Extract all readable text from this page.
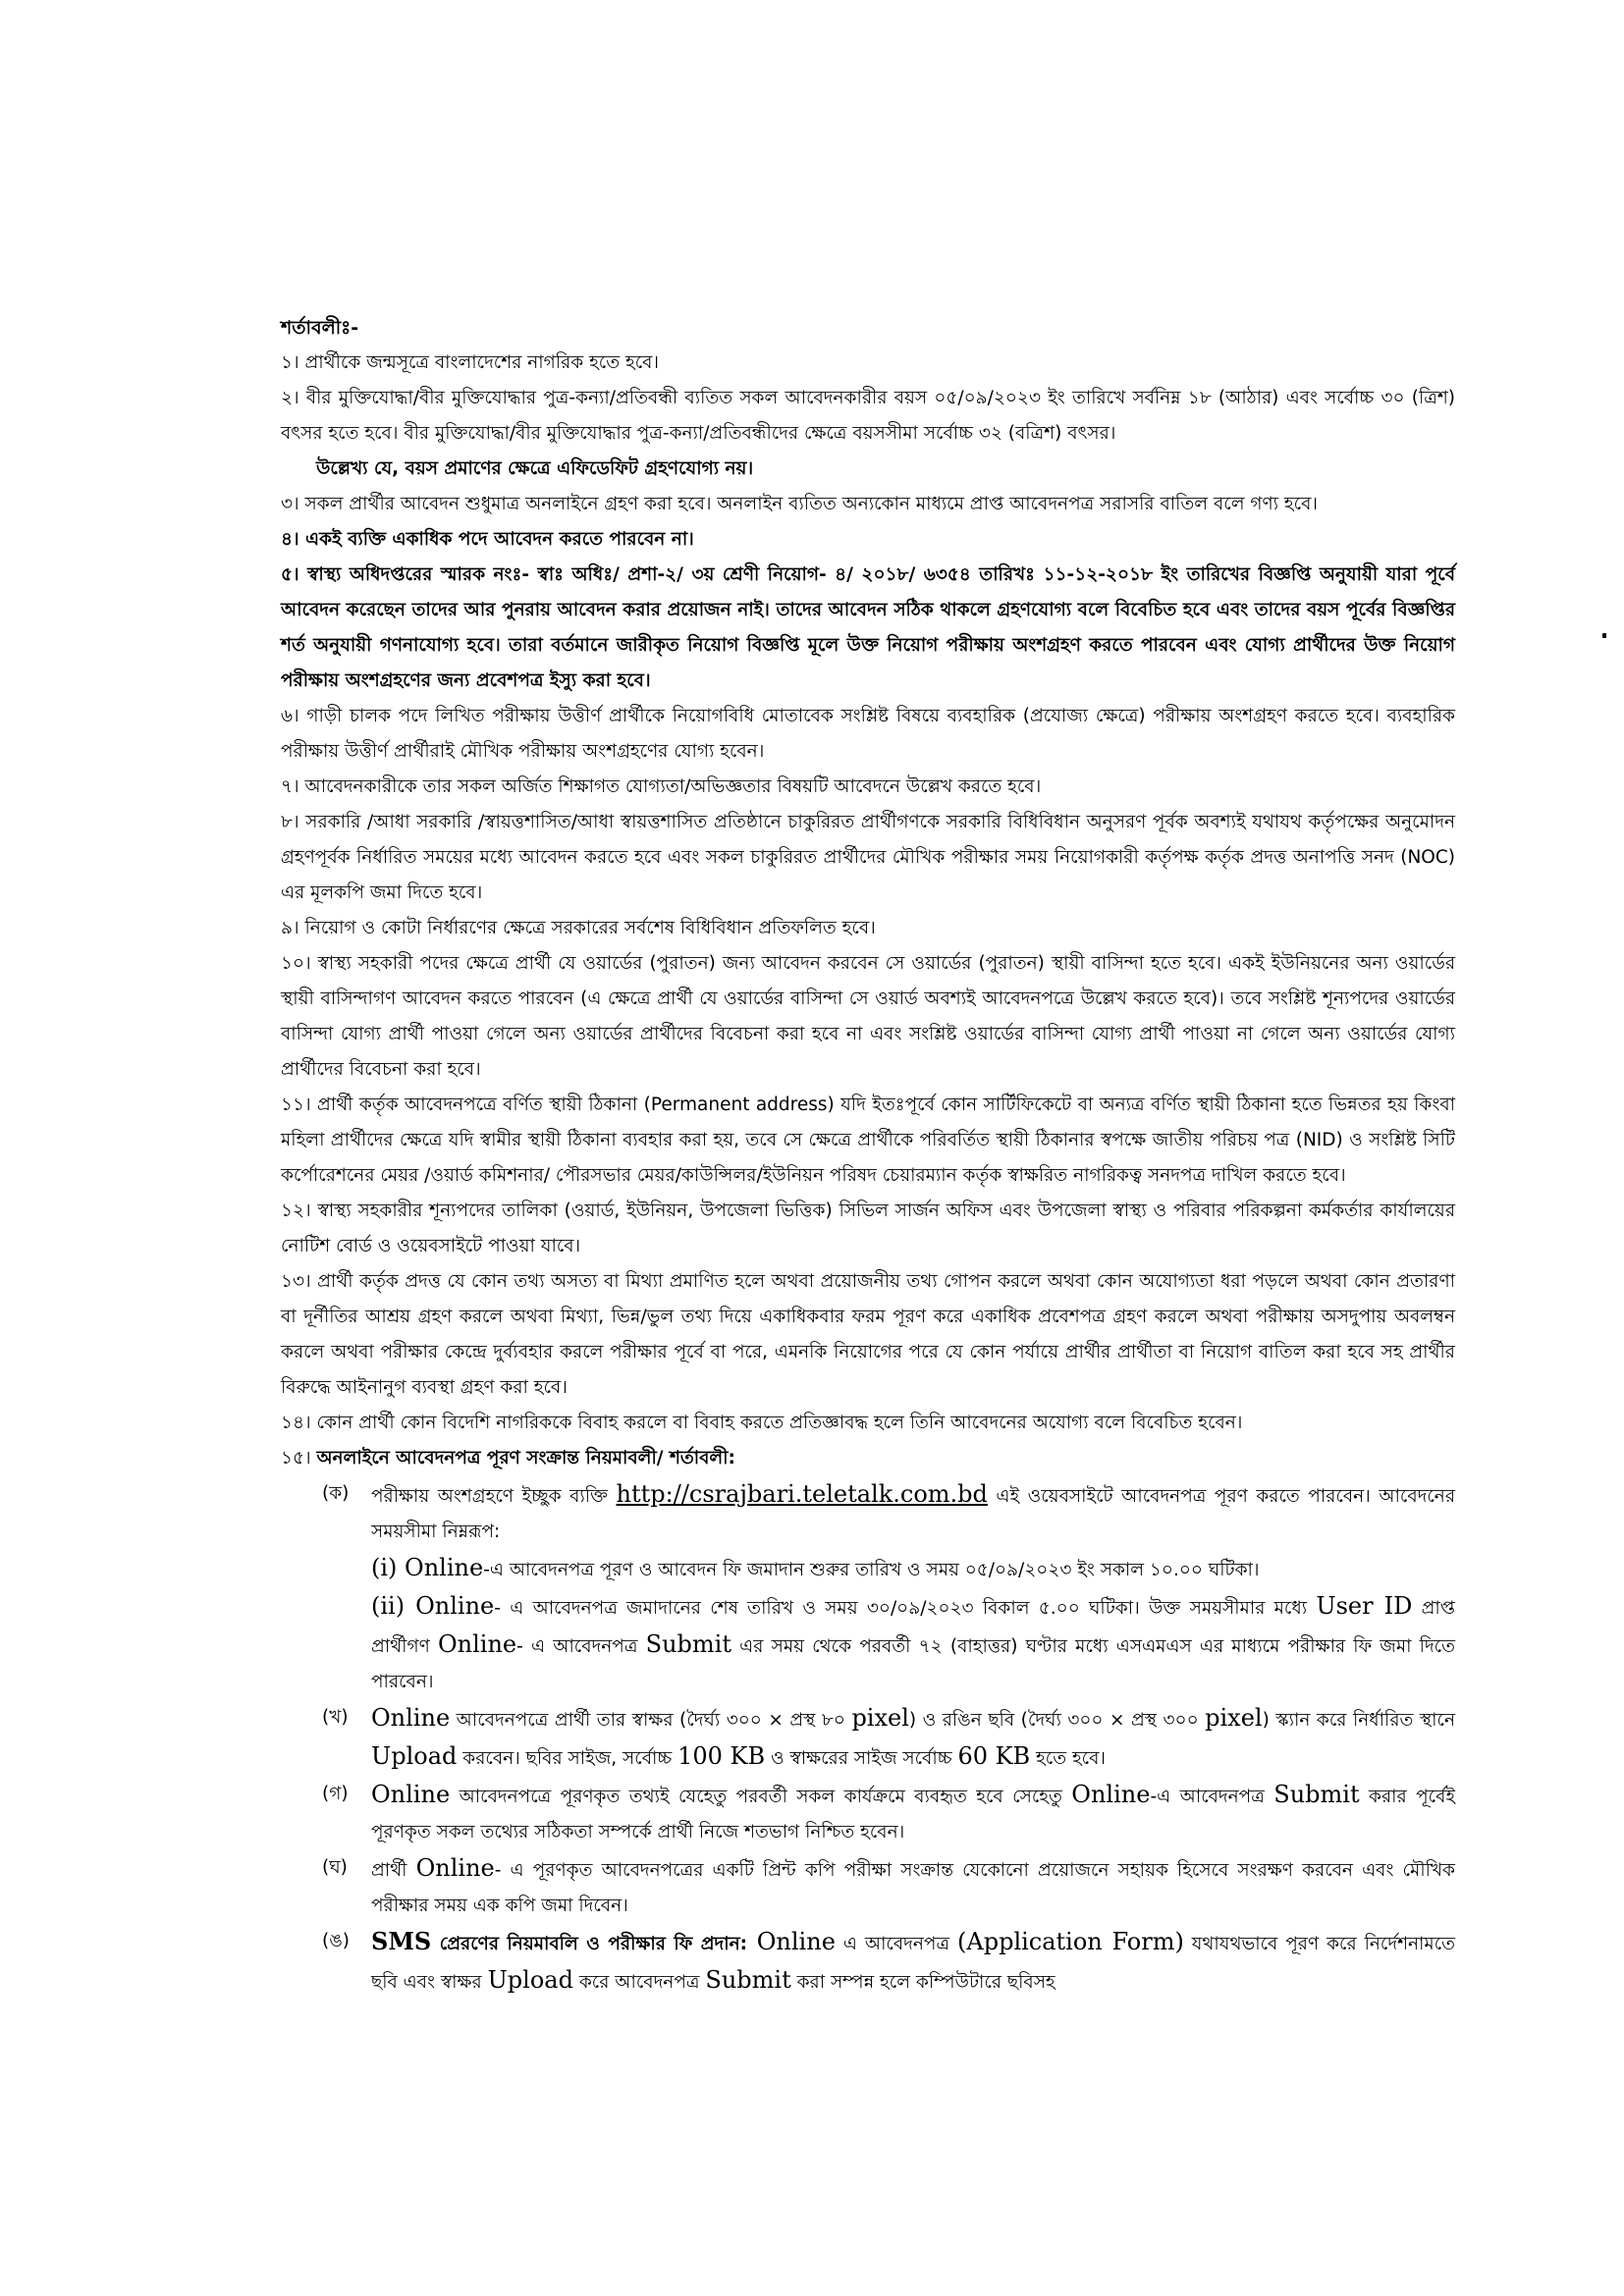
শর্তাবলীঃ-

১। প্রার্থীকে জন্মসূত্রে বাংলাদেশের নাগরিক হতে হবে।

২। বীর মুক্তিযোদ্ধা/বীর মুক্তিযোদ্ধার পুত্র-কন্যা/প্রতিবন্ধী ব্যতিত সকল আবেদনকারীর বয়স ০৫/০৯/২০২৩ ইং তারিখে সর্বনিম্ন ১৮ (আঠার) এবং সর্বোচ্চ ৩০ (ত্রিশ) বৎসর হতে হবে। বীর মুক্তিযোদ্ধা/বীর মুক্তিযোদ্ধার পুত্র-কন্যা/প্রতিবন্ধীদের ক্ষেত্রে বয়সসীমা সর্বোচ্চ ৩২ (বত্রিশ) বৎসর।

উল্লেখ্য যে, বয়স প্রমাণের ক্ষেত্রে এফিডেফিট গ্রহণযোগ্য নয়।

৩। সকল প্রার্থীর আবেদন শুধুমাত্র অনলাইনে গ্রহণ করা হবে। অনলাইন ব্যতিত অন্যকোন মাধ্যমে প্রাপ্ত আবেদনপত্র সরাসরি বাতিল বলে গণ্য হবে।

৪। একই ব্যক্তি একাধিক পদে আবেদন করতে পারবেন না।

৫। স্বাস্থ্য অধিদপ্তরের স্মারক নংঃ- স্বাঃ অধিঃ/ প্রশা-২/ ৩য় শ্রেণী নিয়োগ- ৪/ ২০১৮/ ৬৩৫৪ তারিখঃ ১১-১২-২০১৮ ইং তারিখের বিজ্ঞপ্তি অনুযায়ী যারা পূর্বে আবেদন করেছেন তাদের আর পুনরায় আবেদন করার প্রয়োজন নাই। তাদের আবেদন সঠিক থাকলে গ্রহণযোগ্য বলে বিবেচিত হবে এবং তাদের বয়স পূর্বের বিজ্ঞপ্তির শর্ত অনুযায়ী গণনাযোগ্য হবে। তারা বর্তমানে জারীকৃত নিয়োগ বিজ্ঞপ্তি মূলে উক্ত নিয়োগ পরীক্ষায় অংশগ্রহণ করতে পারবেন এবং যোগ্য প্রার্থীদের উক্ত নিয়োগ পরীক্ষায় অংশগ্রহণের জন্য প্রবেশপত্র ইস্যু করা হবে।

৬। গাড়ী চালক পদে লিখিত পরীক্ষায় উত্তীর্ণ প্রার্থীকে নিয়োগবিধি মোতাবেক সংশ্লিষ্ট বিষয়ে ব্যবহারিক (প্রযোজ্য ক্ষেত্রে) পরীক্ষায় অংশগ্রহণ করতে হবে। ব্যবহারিক পরীক্ষায় উত্তীর্ণ প্রার্থীরাই মৌখিক পরীক্ষায় অংশগ্রহণের যোগ্য হবেন।

৭। আবেদনকারীকে তার সকল অর্জিত শিক্ষাগত যোগ্যতা/অভিজ্ঞতার বিষয়টি আবেদনে উল্লেখ করতে হবে।

৮। সরকারি /আধা সরকারি /স্বায়ত্তশাসিত/আধা স্বায়ত্তশাসিত প্রতিষ্ঠানে চাকুরিরত প্রার্থীগণকে সরকারি বিধিবিধান অনুসরণ পূর্বক অবশ্যই যথাযথ কর্তৃপক্ষের অনুমোদন গ্রহণপূর্বক নির্ধারিত সময়ের মধ্যে আবেদন করতে হবে এবং সকল চাকুরিরত প্রার্থীদের মৌখিক পরীক্ষার সময় নিয়োগকারী কর্তৃপক্ষ কর্তৃক প্রদত্ত অনাপত্তি সনদ (NOC) এর মূলকপি জমা দিতে হবে।

৯। নিয়োগ ও কোটা নির্ধারণের ক্ষেত্রে সরকারের সর্বশেষ বিধিবিধান প্রতিফলিত হবে।

১০। স্বাস্থ্য সহকারী পদের ক্ষেত্রে প্রার্থী যে ওয়ার্ডের (পুরাতন) জন্য আবেদন করবেন সে ওয়ার্ডের (পুরাতন) স্থায়ী বাসিন্দা হতে হবে। একই ইউনিয়নের অন্য ওয়ার্ডের স্থায়ী বাসিন্দাগণ আবেদন করতে পারবেন (এ ক্ষেত্রে প্রার্থী যে ওয়ার্ডের বাসিন্দা সে ওয়ার্ড অবশ্যই আবেদনপত্রে উল্লেখ করতে হবে)। তবে সংশ্লিষ্ট শূন্যপদের ওয়ার্ডের বাসিন্দা যোগ্য প্রার্থী পাওয়া গেলে অন্য ওয়ার্ডের প্রার্থীদের বিবেচনা করা হবে না এবং সংশ্লিষ্ট ওয়ার্ডের বাসিন্দা যোগ্য প্রার্থী পাওয়া না গেলে অন্য ওয়ার্ডের যোগ্য প্রার্থীদের বিবেচনা করা হবে।

১১। প্রার্থী কর্তৃক আবেদনপত্রে বর্ণিত স্থায়ী ঠিকানা (Permanent address) যদি ইতঃপূর্বে কোন সার্টিফিকেটে বা অন্যত্র বর্ণিত স্থায়ী ঠিকানা হতে ভিন্নতর হয় কিংবা মহিলা প্রার্থীদের ক্ষেত্রে যদি স্বামীর স্থায়ী ঠিকানা ব্যবহার করা হয়, তবে সে ক্ষেত্রে প্রার্থীকে পরিবর্তিত স্থায়ী ঠিকানার স্বপক্ষে জাতীয় পরিচয় পত্র (NID) ও সংশ্লিষ্ট সিটি কর্পোরেশনের মেয়র /ওয়ার্ড কমিশনার/ পৌরসভার মেয়র/কাউন্সিলর/ইউনিয়ন পরিষদ চেয়ারম্যান কর্তৃক স্বাক্ষরিত নাগরিকত্ব সনদপত্র দাখিল করতে হবে।

১২। স্বাস্থ্য সহকারীর শূন্যপদের তালিকা (ওয়ার্ড, ইউনিয়ন, উপজেলা ভিত্তিক) সিভিল সার্জন অফিস এবং উপজেলা স্বাস্থ্য ও পরিবার পরিকল্পনা কর্মকর্তার কার্যালয়ের নোটিশ বোর্ড ও ওয়েবসাইটে পাওয়া যাবে।

১৩। প্রার্থী কর্তৃক প্রদত্ত যে কোন তথ্য অসত্য বা মিথ্যা প্রমাণিত হলে অথবা প্রয়োজনীয় তথ্য গোপন করলে অথবা কোন অযোগ্যতা ধরা পড়লে অথবা কোন প্রতারণা বা দূর্নীতির আশ্রয় গ্রহণ করলে অথবা মিথ্যা, ভিন্ন/ভুল তথ্য দিয়ে একাধিকবার ফরম পূরণ করে একাধিক প্রবেশপত্র গ্রহণ করলে অথবা পরীক্ষায় অসদুপায় অবলম্বন করলে অথবা পরীক্ষার কেন্দ্রে দুর্ব্যবহার করলে পরীক্ষার পূর্বে বা পরে, এমনকি নিয়োগের পরে যে কোন পর্যায়ে প্রার্থীর প্রার্থীতা বা নিয়োগ বাতিল করা হবে সহ প্রার্থীর বিরুদ্ধে আইনানুগ ব্যবস্থা গ্রহণ করা হবে।

১৪। কোন প্রার্থী কোন বিদেশি নাগরিককে বিবাহ করলে বা বিবাহ করতে প্রতিজ্ঞাবদ্ধ হলে তিনি আবেদনের অযোগ্য বলে বিবেচিত হবেন।

১৫। অনলাইনে আবেদনপত্র পূরণ সংক্রান্ত নিয়মাবলী/ শর্তাবলী:

(ক)	পরীক্ষায় অংশগ্রহণে ইচ্ছুক ব্যক্তি http://csrajbari.teletalk.com.bd এই ওয়েবসাইটে আবেদনপত্র পূরণ করতে পারবেন। আবেদনের সময়সীমা নিম্নরূপ:
(i) Online-এ আবেদনপত্র পূরণ ও আবেদন ফি জমাদান শুরুর তারিখ ও সময় ০৫/০৯/২০২৩ ইং সকাল ১০.০০ ঘটিকা।
(ii) Online- এ আবেদনপত্র জমাদানের শেষ তারিখ ও সময় ৩০/০৯/২০২৩ বিকাল ৫.০০ ঘটিকা। উক্ত সময়সীমার মধ্যে User ID প্রাপ্ত প্রার্থীগণ Online- এ আবেদনপত্র Submit এর সময় থেকে পরবর্তী ৭২ (বাহাত্তর) ঘণ্টার মধ্যে এসএমএস এর মাধ্যমে পরীক্ষার ফি জমা দিতে পারবেন।
(খ) Online আবেদনপত্রে প্রার্থী তার স্বাক্ষর (দৈর্ঘ্য ৩০০ × প্রস্থ ৮০ pixel) ও রঙিন ছবি (দৈর্ঘ্য ৩০০ × প্রস্থ ৩০০ pixel) স্ক্যান করে নির্ধারিত স্থানে Upload করবেন। ছবির সাইজ, সর্বোচ্চ 100 KB ও স্বাক্ষরের সাইজ সর্বোচ্চ 60 KB হতে হবে।
(গ) Online আবেদনপত্রে পূরণকৃত তথ্যই যেহেতু পরবর্তী সকল কার্যক্রমে ব্যবহৃত হবে সেহেতু Online-এ আবেদনপত্র Submit করার পূর্বেই পূরণকৃত সকল তথ্যের সঠিকতা সম্পর্কে প্রার্থী নিজে শতভাগ নিশ্চিত হবেন।
(ঘ)	প্রার্থী Online- এ পূরণকৃত আবেদনপত্রের একটি প্রিন্ট কপি পরীক্ষা সংক্রান্ত যেকোনো প্রয়োজনে সহায়ক হিসেবে সংরক্ষণ করবেন এবং মৌখিক পরীক্ষার সময় এক কপি জমা দিবেন।
(ঙ) SMS প্রেরণের নিয়মাবলি ও পরীক্ষার ফি প্রদান: Online এ আবেদনপত্র (Application Form) যথাযথভাবে পূরণ করে নির্দেশনামতে ছবি এবং স্বাক্ষর Upload করে আবেদনপত্র Submit করা সম্পন্ন হলে কম্পিউটারে ছবিসহ
